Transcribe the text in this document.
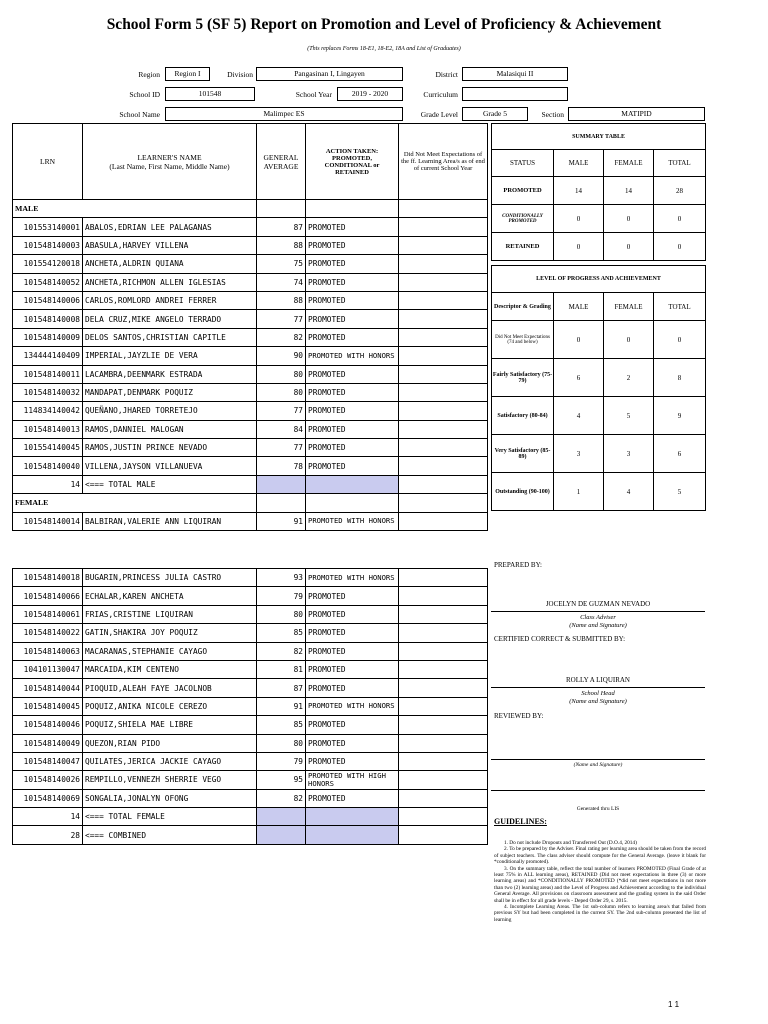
School Form 5 (SF 5) Report on Promotion and Level of Proficiency & Achievement
(This replaces Forms 18-E1, 18-E2, 18A and List of Graduates)
Region	Region I	Division	Pangasinan I, Lingayen	District	Malasiqui II
School ID	101548	School Year	2019 - 2020	Curriculum
School Name	Malimpec ES	Grade Level	Grade 5	Section	MATIPID
LRN	LEARNER'S NAME
(Last Name, First Name, Middle Name)	GENERAL AVERAGE	ACTION TAKEN: PROMOTED, CONDITIONAL or RETAINED	Did Not Meet Expectations of the ff. Learning Area/s as of end of current School Year
MALE				
101553140001	ABALOS,EDRIAN LEE PALAGANAS	87	PROMOTED	
101548140003	ABASULA,HARVEY VILLENA	88	PROMOTED	
101554120018	ANCHETA,ALDRIN QUIANA	75	PROMOTED	
101548140052	ANCHETA,RICHMON ALLEN IGLESIAS	74	PROMOTED	
101548140006	CARLOS,ROMLORD ANDREI FERRER	88	PROMOTED	
101548140008	DELA CRUZ,MIKE ANGELO TERRADO	77	PROMOTED	
101548140009	DELOS SANTOS,CHRISTIAN CAPITLE	82	PROMOTED	
134444140409	IMPERIAL,JAYZLIE DE VERA	90	PROMOTED WITH HONORS	
101548140011	LACAMBRA,DEENMARK ESTRADA	80	PROMOTED	
101548140032	MANDAPAT,DENMARK POQUIZ	80	PROMOTED	
114834140042	QUEÑANO,JHARED TORRETEJO	77	PROMOTED	
101548140013	RAMOS,DANNIEL MALOGAN	84	PROMOTED	
101554140045	RAMOS,JUSTIN PRINCE NEVADO	77	PROMOTED	
101548140040	VILLENA,JAYSON VILLANUEVA	78	PROMOTED	
14	<=== TOTAL MALE			
FEMALE				
101548140014	BALBIRAN,VALERIE ANN LIQUIRAN	91	PROMOTED WITH HONORS	
101548140018	BUGARIN,PRINCESS JULIA CASTRO	93	PROMOTED WITH HONORS	
101548140066	ECHALAR,KAREN ANCHETA	79	PROMOTED	
101548140061	FRIAS,CRISTINE LIQUIRAN	80	PROMOTED	
101548140022	GATIN,SHAKIRA JOY POQUIZ	85	PROMOTED	
101548140063	MACARANAS,STEPHANIE CAYAGO	82	PROMOTED	
104101130047	MARCAIDA,KIM CENTENO	81	PROMOTED	
101548140044	PIOQUID,ALEAH FAYE JACOLNOB	87	PROMOTED	
101548140045	POQUIZ,ANIKA NICOLE CEREZO	91	PROMOTED WITH HONORS	
101548140046	POQUIZ,SHIELA MAE LIBRE	85	PROMOTED	
101548140049	QUEZON,RIAN PIDO	80	PROMOTED	
101548140047	QUILATES,JERICA JACKIE CAYAGO	79	PROMOTED	
101548140026	REMPILLO,VENNEZH SHERRIE VEGO	95	PROMOTED WITH HIGH HONORS	
101548140069	SONGALIA,JONALYN OFONG	82	PROMOTED	
14	<=== TOTAL FEMALE			
28	<=== COMBINED			
SUMMARY TABLE			
STATUS	MALE	FEMALE	TOTAL
PROMOTED	14	14	28
CONDITIONALLY PROMOTED	0	0	0
RETAINED	0	0	0
LEVEL OF PROGRESS AND ACHIEVEMENT			
Descriptor & Grading	MALE	FEMALE	TOTAL
Did Not Meet Expectations (74 and below)	0	0	0
Fairly Satisfactory (75-79)	6	2	8
Satisfactory (80-84)	4	5	9
Very Satisfactory (85-89)	3	3	6
Outstanding (90-100)	1	4	5
PREPARED BY:
JOCELYN DE GUZMAN NEVADO
Class Adviser
(Name and Signature)
CERTIFIED CORRECT & SUBMITTED BY:
ROLLY A LIQUIRAN
School Head
(Name and Signature)
REVIEWED BY:
(Name and Signature)
Generated thru LIS
GUIDELINES:

1. Do not include Dropouts and Transferred Out (D.O.4, 2014)

2. To be prepared by the Adviser. Final rating per learning area should be taken from the record of subject teachers. The class adviser should compute for the General Average. (leave it blank for *conditionally promoted).

3. On the summary table, reflect the total number of learners PROMOTED (Final Grade of at least 75% in ALL learning areas), RETAINED (Did not meet expectations in three (3) or more learning areas) and *CONDITIONALLY PROMOTED (*did not meet expectations in not more than two (2) learning areas) and the Level of Progress and Achievement according to the individual General Average. All provisions on classroom assessment and the grading system in the said Order shall be in effect for all grade levels - Deped Order 29, s. 2015.

4. Incomplete Learning Areas. The 1st sub-column refers to learning area/s that failed from previous SY but had been completed in the current SY. The 2nd sub-column presented the list of learning

1 1
